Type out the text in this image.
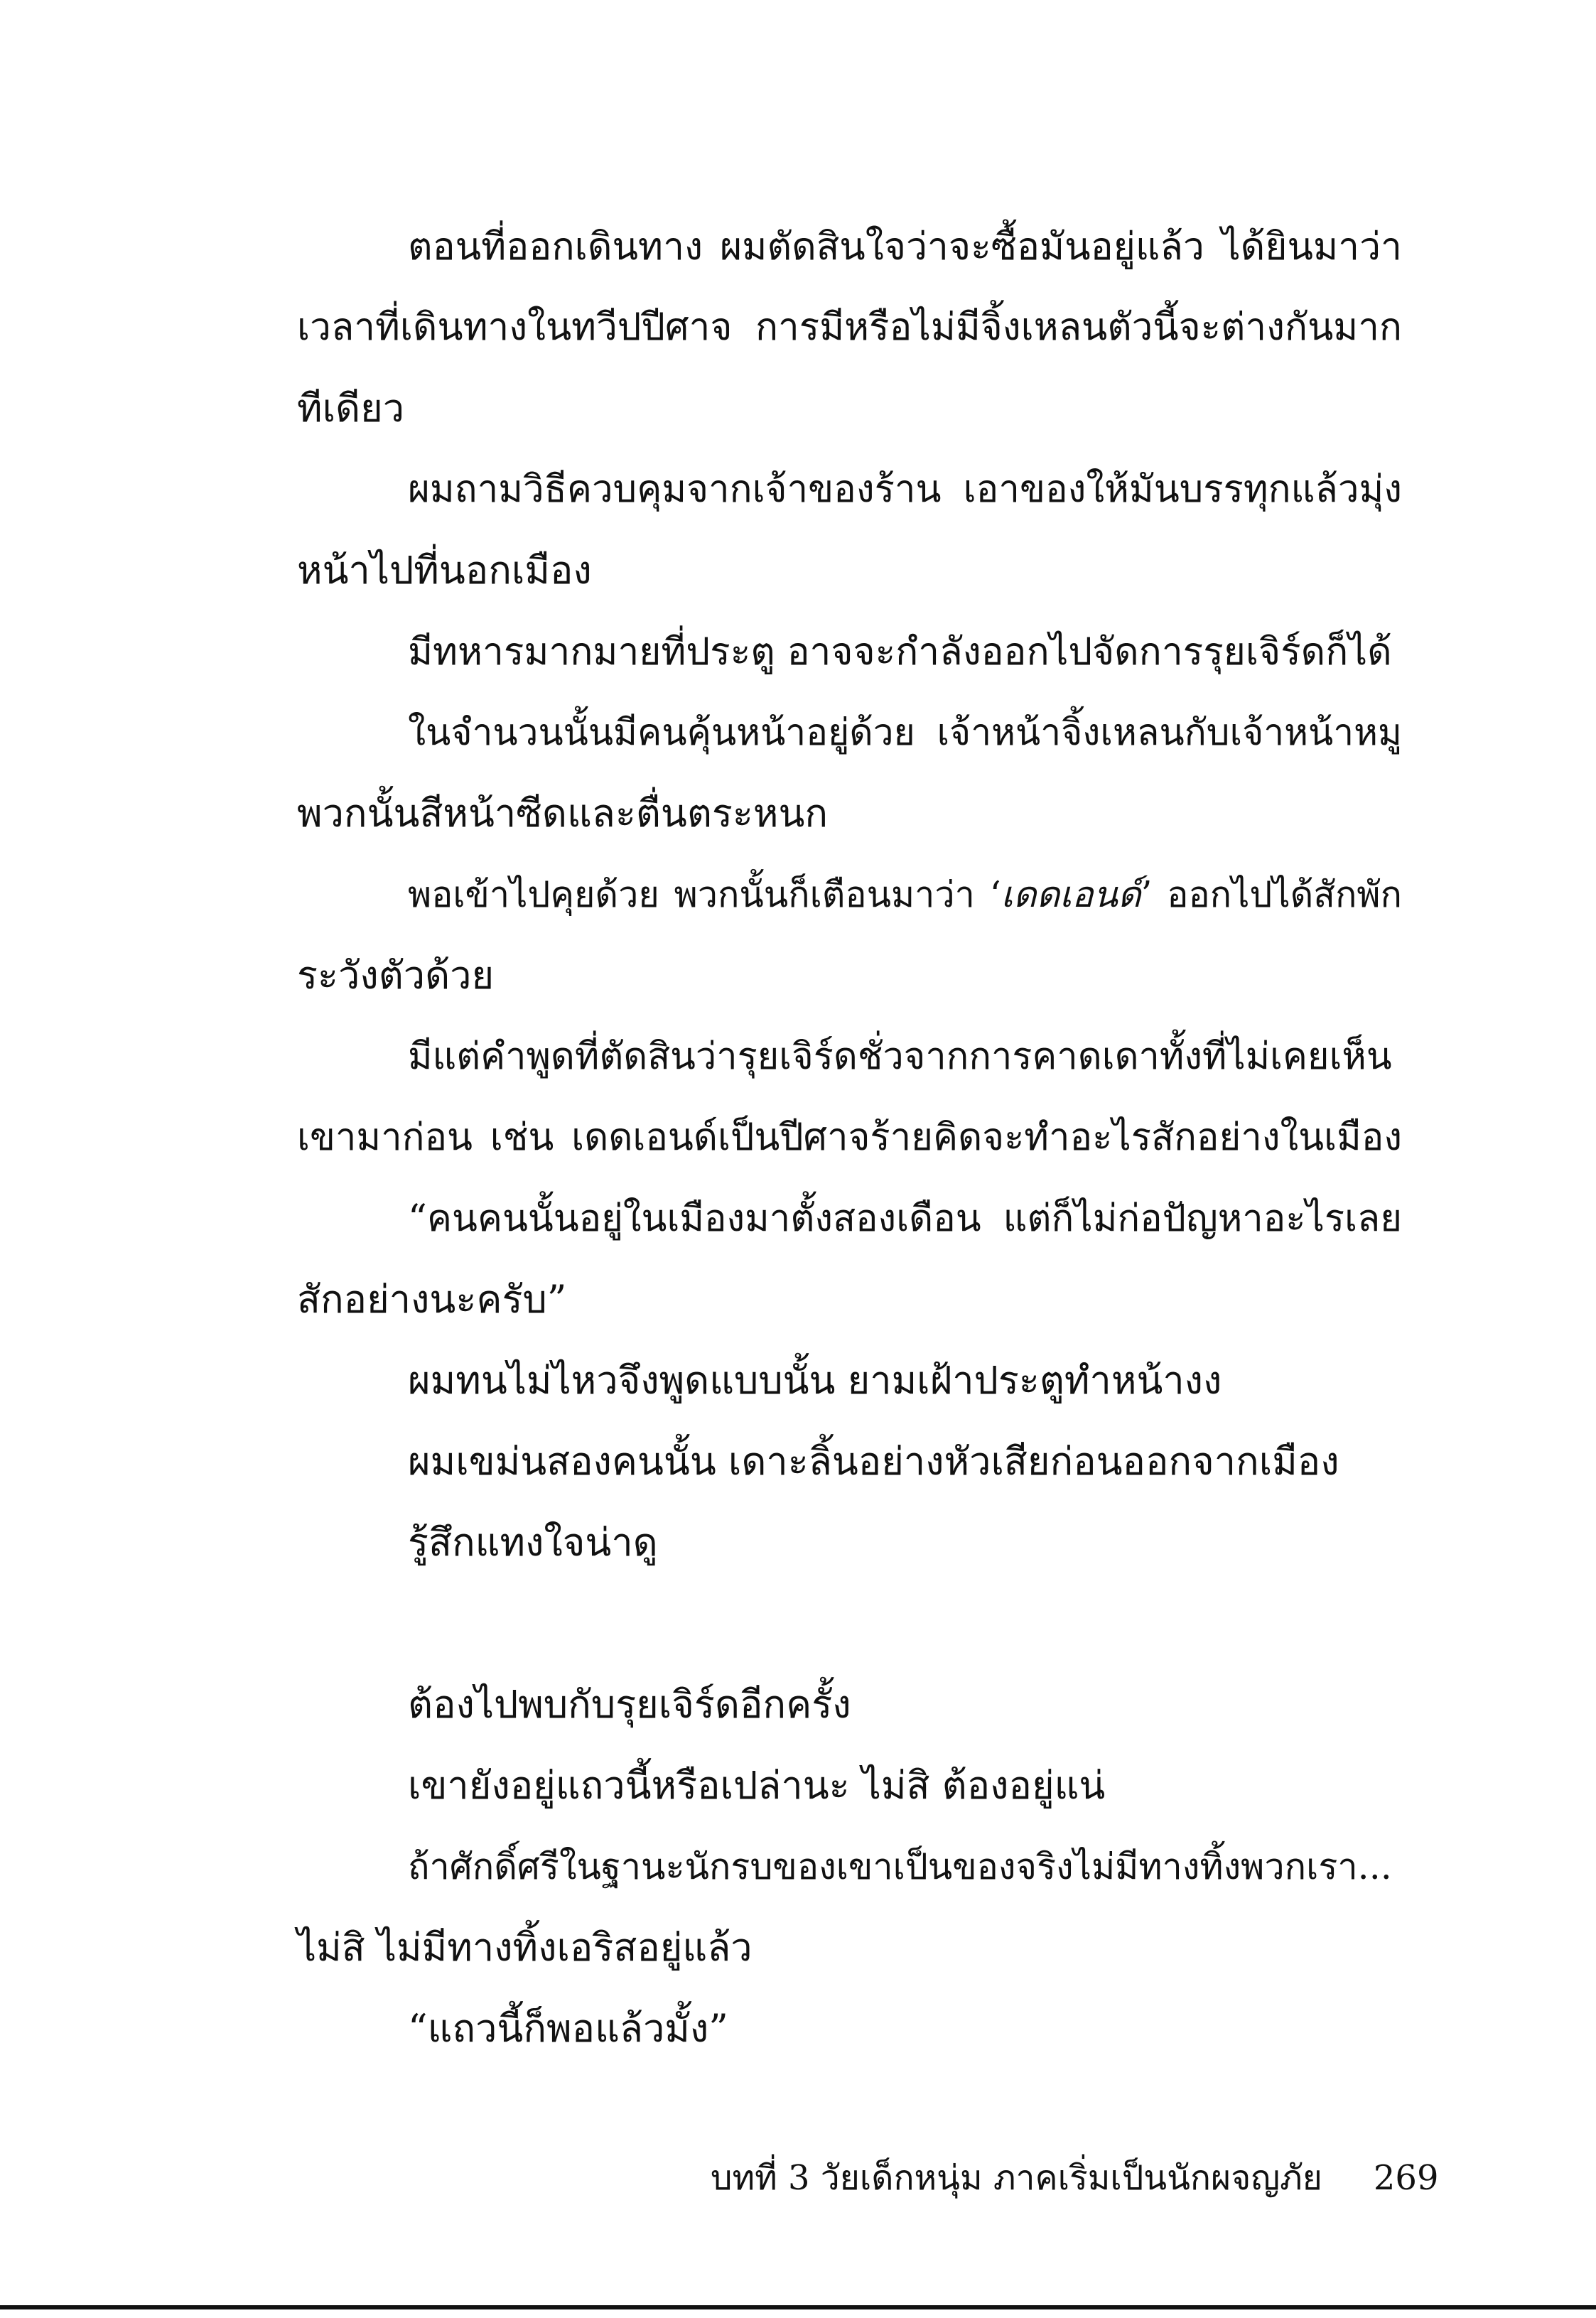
ตอนที่ออกเดินทาง ผมตัดสินใจว่าจะซื้อมันอยู่แล้ว ได้ยินมาว่า
เวลาที่เดินทางในทวีปปีศาจ การมีหรือไม่มีจิ้งเหลนตัวนี้จะต่างกันมาก
ทีเดียว
ผมถามวิธีควบคุมจากเจ้าของร้าน เอาของให้มันบรรทุกแล้วมุ่ง
หน้าไปที่นอกเมือง
มีทหารมากมายที่ประตู อาจจะกำลังออกไปจัดการรุยเจิร์ดก็ได้
ในจำนวนนั้นมีคนคุ้นหน้าอยู่ด้วย เจ้าหน้าจิ้งเหลนกับเจ้าหน้าหมู
พวกนั้นสีหน้าซีดและตื่นตระหนก
พอเข้าไปคุยด้วย พวกนั้นก็เตือนมาว่า ‘เดดเอนด์’ ออกไปได้สักพัก
ระวังตัวด้วย
มีแต่คำพูดที่ตัดสินว่ารุยเจิร์ดชั่วจากการคาดเดาทั้งที่ไม่เคยเห็น
เขามาก่อน เช่น เดดเอนด์เป็นปีศาจร้ายคิดจะทำอะไรสักอย่างในเมือง
“คนคนนั้นอยู่ในเมืองมาตั้งสองเดือน แต่ก็ไม่ก่อปัญหาอะไรเลย
สักอย่างนะครับ”
ผมทนไม่ไหวจึงพูดแบบนั้น ยามเฝ้าประตูทำหน้างง
ผมเขม่นสองคนนั้น เดาะลิ้นอย่างหัวเสียก่อนออกจากเมือง
รู้สึกแทงใจน่าดู
ต้องไปพบกับรุยเจิร์ดอีกครั้ง
เขายังอยู่แถวนี้หรือเปล่านะ ไม่สิ ต้องอยู่แน่
ถ้าศักดิ์ศรีในฐานะนักรบของเขาเป็นของจริงไม่มีทางทิ้งพวกเรา...
ไม่สิ ไม่มีทางทิ้งเอริสอยู่แล้ว
“แถวนี้ก็พอแล้วมั้ง”
บทที่ 3 วัยเด็กหนุ่ม ภาคเริ่มเป็นนักผจญภัย 269
